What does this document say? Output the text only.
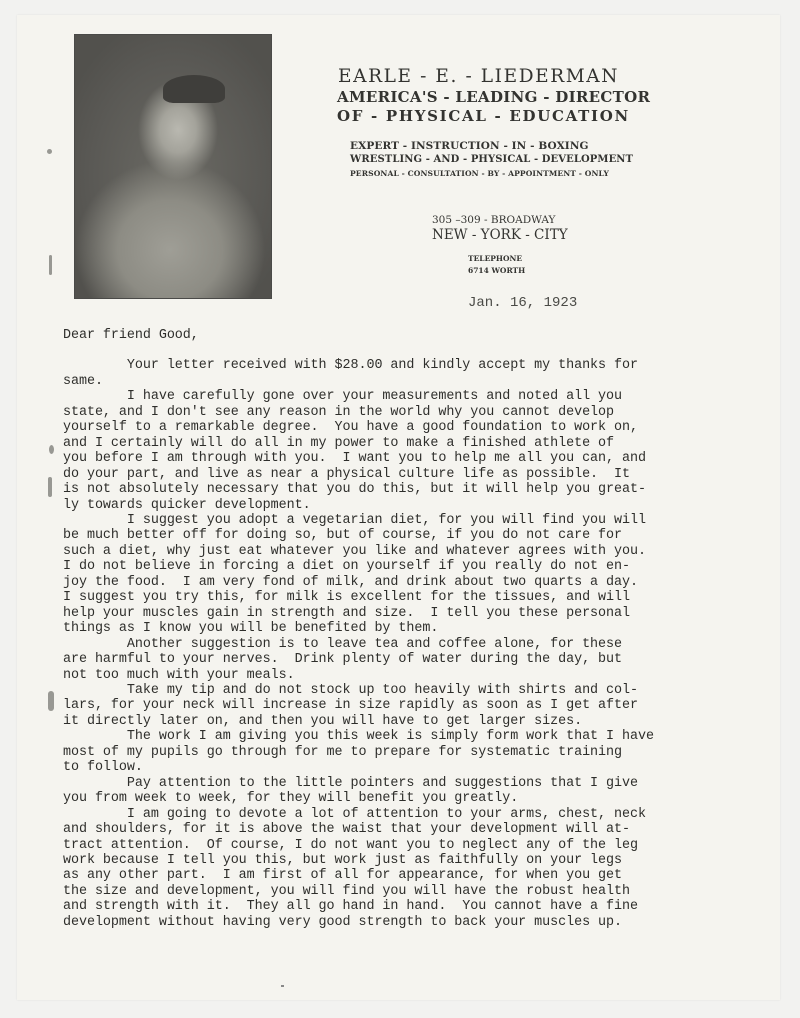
EARLE - E. - LIEDERMAN
AMERICA'S - LEADING - DIRECTOR
OF - PHYSICAL - EDUCATION
EXPERT - INSTRUCTION - IN - BOXING
WRESTLING - AND - PHYSICAL - DEVELOPMENT
PERSONAL - CONSULTATION - BY - APPOINTMENT - ONLY
305 –309 - BROADWAY
NEW - YORK - CITY
TELEPHONE
6714 WORTH
Jan. 16, 1923
Dear friend Good,
Your letter received with $28.00 and kindly accept my thanks for
same.
I have carefully gone over your measurements and noted all you
state, and I don't see any reason in the world why you cannot develop
yourself to a remarkable degree.  You have a good foundation to work on,
and I certainly will do all in my power to make a finished athlete of
you before I am through with you.  I want you to help me all you can, and
do your part, and live as near a physical culture life as possible.  It
is not absolutely necessary that you do this, but it will help you great-
ly towards quicker development.
I suggest you adopt a vegetarian diet, for you will find you will
be much better off for doing so, but of course, if you do not care for
such a diet, why just eat whatever you like and whatever agrees with you.
I do not believe in forcing a diet on yourself if you really do not en-
joy the food.  I am very fond of milk, and drink about two quarts a day.
I suggest you try this, for milk is excellent for the tissues, and will
help your muscles gain in strength and size.  I tell you these personal
things as I know you will be benefited by them.
Another suggestion is to leave tea and coffee alone, for these
are harmful to your nerves.  Drink plenty of water during the day, but
not too much with your meals.
Take my tip and do not stock up too heavily with shirts and col-
lars, for your neck will increase in size rapidly as soon as I get after
it directly later on, and then you will have to get larger sizes.
The work I am giving you this week is simply form work that I have
most of my pupils go through for me to prepare for systematic training
to follow.
Pay attention to the little pointers and suggestions that I give
you from week to week, for they will benefit you greatly.
I am going to devote a lot of attention to your arms, chest, neck
and shoulders, for it is above the waist that your development will at-
tract attention.  Of course, I do not want you to neglect any of the leg
work because I tell you this, but work just as faithfully on your legs
as any other part.  I am first of all for appearance, for when you get
the size and development, you will find you will have the robust health
and strength with it.  They all go hand in hand.  You cannot have a fine
development without having very good strength to back your muscles up.
